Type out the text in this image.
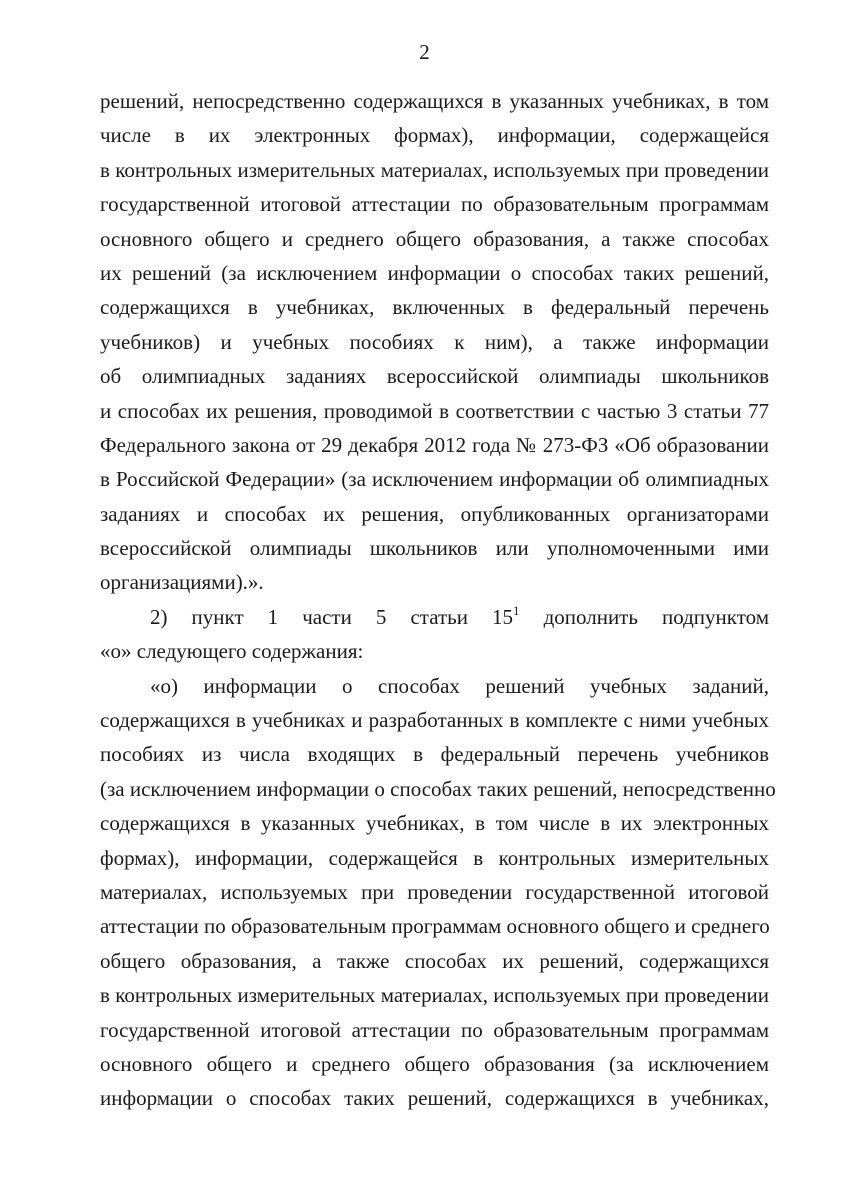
2
решений, непосредственно содержащихся в указанных учебниках, в том
числе в их электронных формах), информации, содержащейся
в контрольных измерительных материалах, используемых при проведении
государственной итоговой аттестации по образовательным программам
основного общего и среднего общего образования, а также способах
их решений (за исключением информации о способах таких решений,
содержащихся в учебниках, включенных в федеральный перечень
учебников) и учебных пособиях к ним), а также информации
об олимпиадных заданиях всероссийской олимпиады школьников
и способах их решения, проводимой в соответствии с частью 3 статьи 77
Федерального закона от 29 декабря 2012 года № 273-ФЗ «Об образовании
в Российской Федерации» (за исключением информации об олимпиадных
заданиях и способах их решения, опубликованных организаторами
всероссийской олимпиады школьников или уполномоченными ими
организациями).».
2) пункт 1 части 5 статьи $15^1$ дополнить подпунктом
«о» следующего содержания:
«о) информации о способах решений учебных заданий,
содержащихся в учебниках и разработанных в комплекте с ними учебных
пособиях из числа входящих в федеральный перечень учебников
(за исключением информации о способах таких решений, непосредственно
содержащихся в указанных учебниках, в том числе в их электронных
формах), информации, содержащейся в контрольных измерительных
материалах, используемых при проведении государственной итоговой
аттестации по образовательным программам основного общего и среднего
общего образования, а также способах их решений, содержащихся
в контрольных измерительных материалах, используемых при проведении
государственной итоговой аттестации по образовательным программам
основного общего и среднего общего образования (за исключением
информации о способах таких решений, содержащихся в учебниках,
